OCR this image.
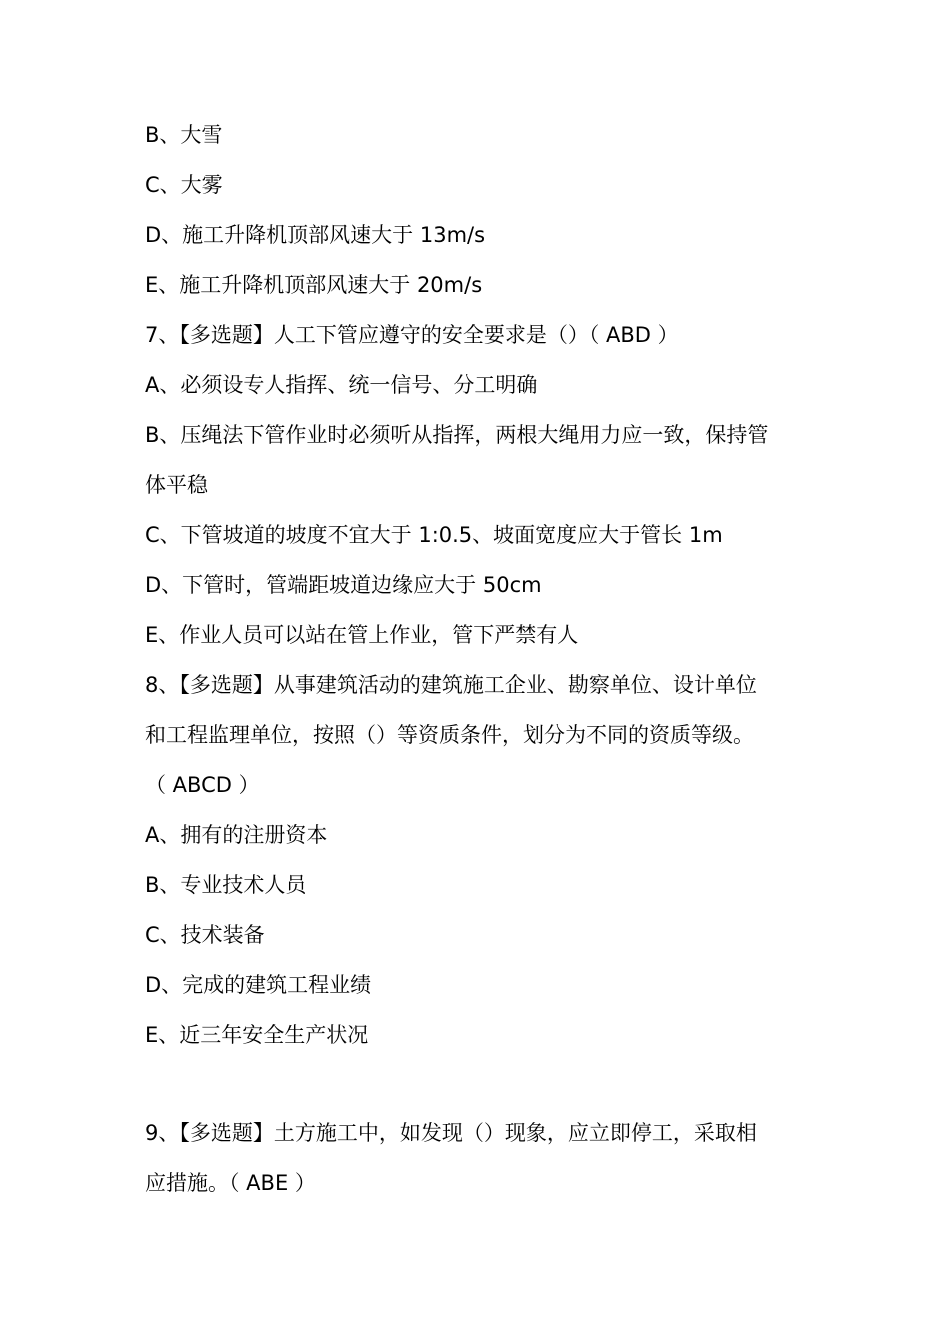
B、大雪
C、大雾
D、施工升降机顶部风速大于 13m/s
E、施工升降机顶部风速大于 20m/s
7、【多选题】人工下管应遵守的安全要求是（）（ ABD ）
A、必须设专人指挥、统一信号、分工明确
B、压绳法下管作业时必须听从指挥，两根大绳用力应一致，保持管
体平稳
C、下管坡道的坡度不宜大于 1:0.5、坡面宽度应大于管长 1m
D、下管时，管端距坡道边缘应大于 50cm
E、作业人员可以站在管上作业，管下严禁有人
8、【多选题】从事建筑活动的建筑施工企业、勘察单位、设计单位
和工程监理单位，按照（）等资质条件，划分为不同的资质等级。
（ ABCD ）
A、拥有的注册资本
B、专业技术人员
C、技术装备
D、完成的建筑工程业绩
E、近三年安全生产状况
9、【多选题】土方施工中，如发现（）现象，应立即停工，采取相
应措施。（ ABE ）
